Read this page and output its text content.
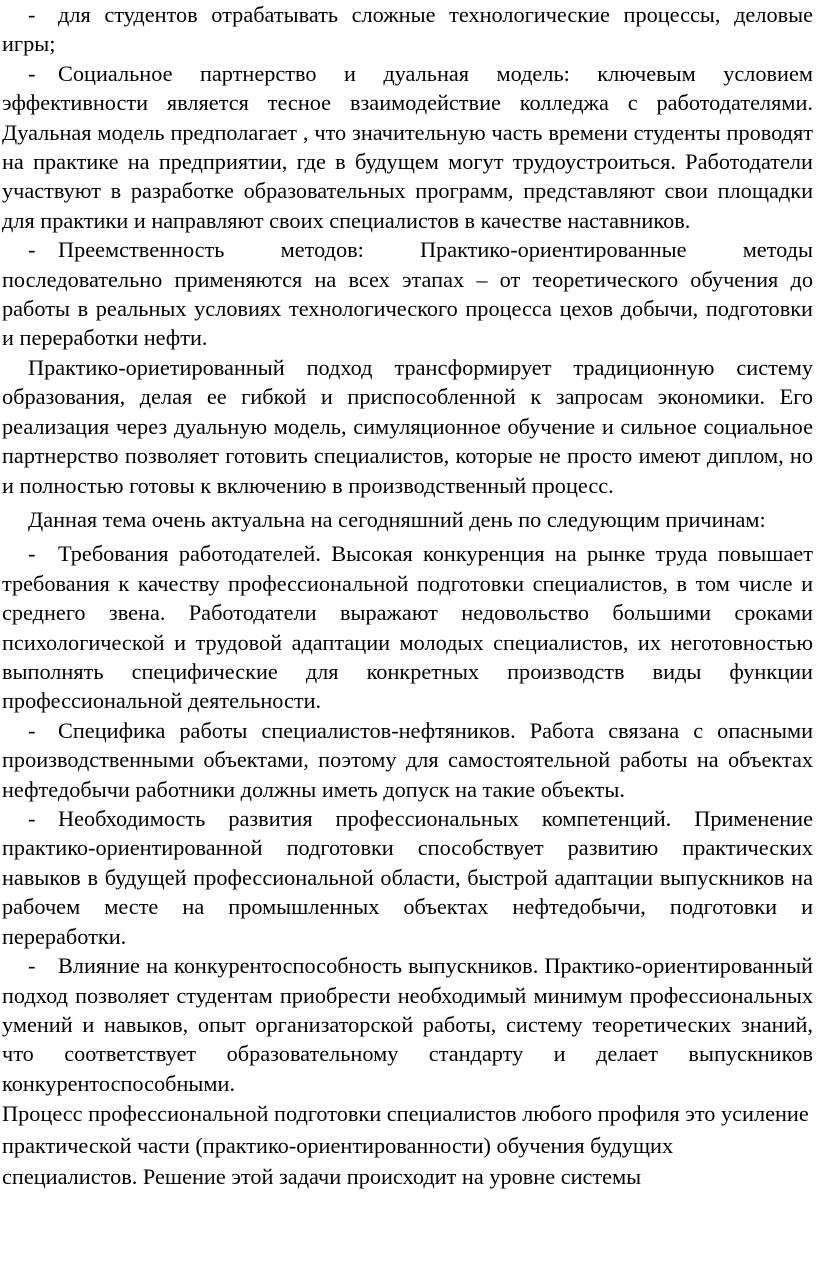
- для студентов отрабатывать сложные технологические процессы, деловые игры;

- Социальное партнерство и дуальная модель: ключевым условием эффективности является тесное взаимодействие колледжа с работодателями. Дуальная модель предполагает , что значительную часть времени студенты проводят на практике на предприятии, где в будущем могут трудоустроиться. Работодатели участвуют в разработке образовательных программ, представляют свои площадки для практики и направляют своих специалистов в качестве наставников.

- Преемственность методов: Практико-ориентированные методы последовательно применяются на всех этапах – от теоретического обучения до работы в реальных условиях технологического процесса цехов добычи, подготовки и переработки нефти.

Практико-ориетированный подход трансформирует традиционную систему образования, делая ее гибкой и приспособленной к запросам экономики. Его реализация через дуальную модель, симуляционное обучение и сильное социальное партнерство позволяет готовить специалистов, которые не просто имеют диплом, но и полностью готовы к включению в производственный процесс.

Данная тема очень актуальна на сегодняшний день по следующим причинам:

- Требования работодателей. Высокая конкуренция на рынке труда повышает требования к качеству профессиональной подготовки специалистов, в том числе и среднего звена. Работодатели выражают недовольство большими сроками психологической и трудовой адаптации молодых специалистов, их неготовностью выполнять специфические для конкретных производств виды функции профессиональной деятельности.

- Специфика работы специалистов-нефтяников. Работа связана с опасными производственными объектами, поэтому для самостоятельной работы на объектах нефтедобычи работники должны иметь допуск на такие объекты.

- Необходимость развития профессиональных компетенций. Применение практико-ориентированной подготовки способствует развитию практических навыков в будущей профессиональной области, быстрой адаптации выпускников на рабочем месте на промышленных объектах нефтедобычи, подготовки и переработки.

- Влияние на конкурентоспособность выпускников. Практико-ориентированный подход позволяет студентам приобрести необходимый минимум профессиональных умений и навыков, опыт организаторской работы, систему теоретических знаний, что соответствует образовательному стандарту и делает выпускников конкурентоспособными.

Процесс профессиональной подготовки специалистов любого профиля это усиление практической части (практико-ориентированности) обучения будущих специалистов. Решение этой задачи происходит на уровне системы
